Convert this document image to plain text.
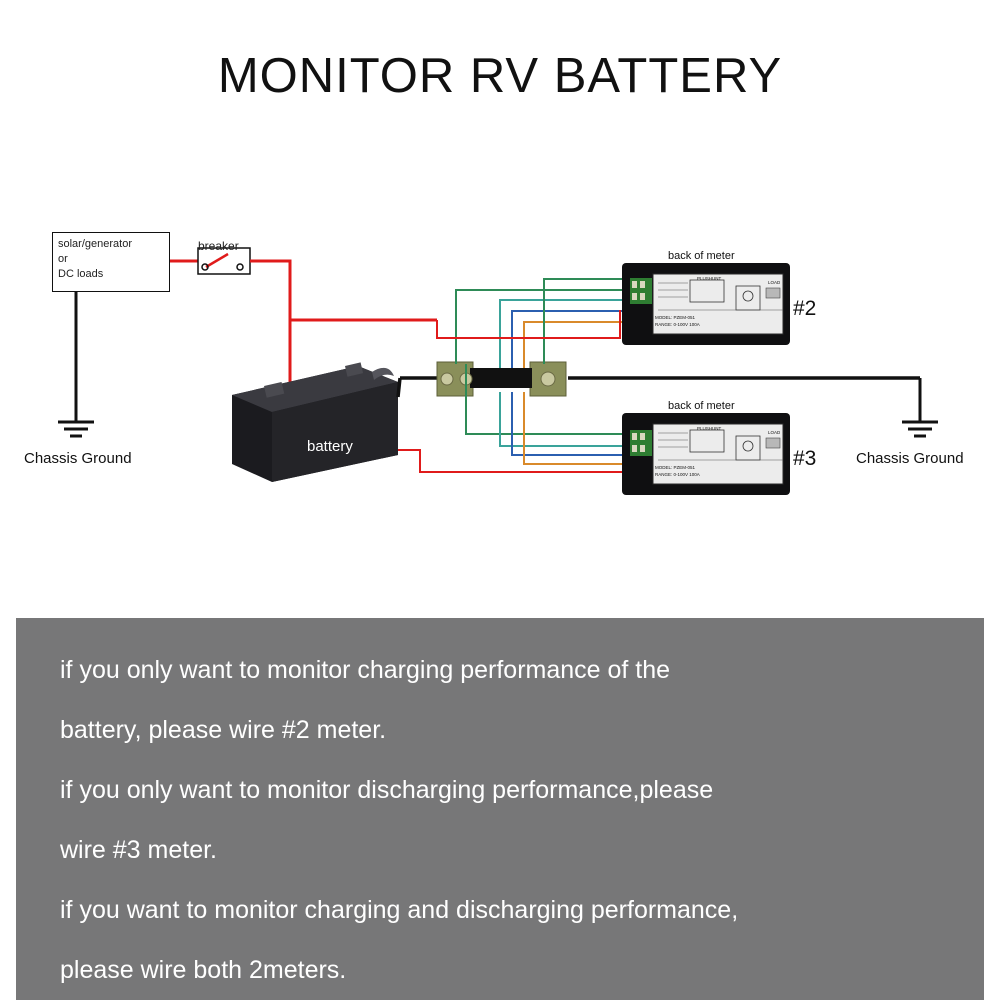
MONITOR RV BATTERY
solar/generator
or
DC loads
breaker
Chassis Ground	Chassis Ground
battery
+
-
back of meter
#2
MODEL: PZEM-051
RANGE: 0-100V 100A
PLUSHUNT
LOAD
back of meter
#3
MODEL: PZEM-051
RANGE: 0-100V 100A
PLUSHUNT
LOAD

if you only want to monitor charging performance of the

battery, please wire #2 meter.

if you only want to monitor discharging performance,please

wire #3 meter.

if you want to monitor charging and discharging performance,

please wire both 2meters.
